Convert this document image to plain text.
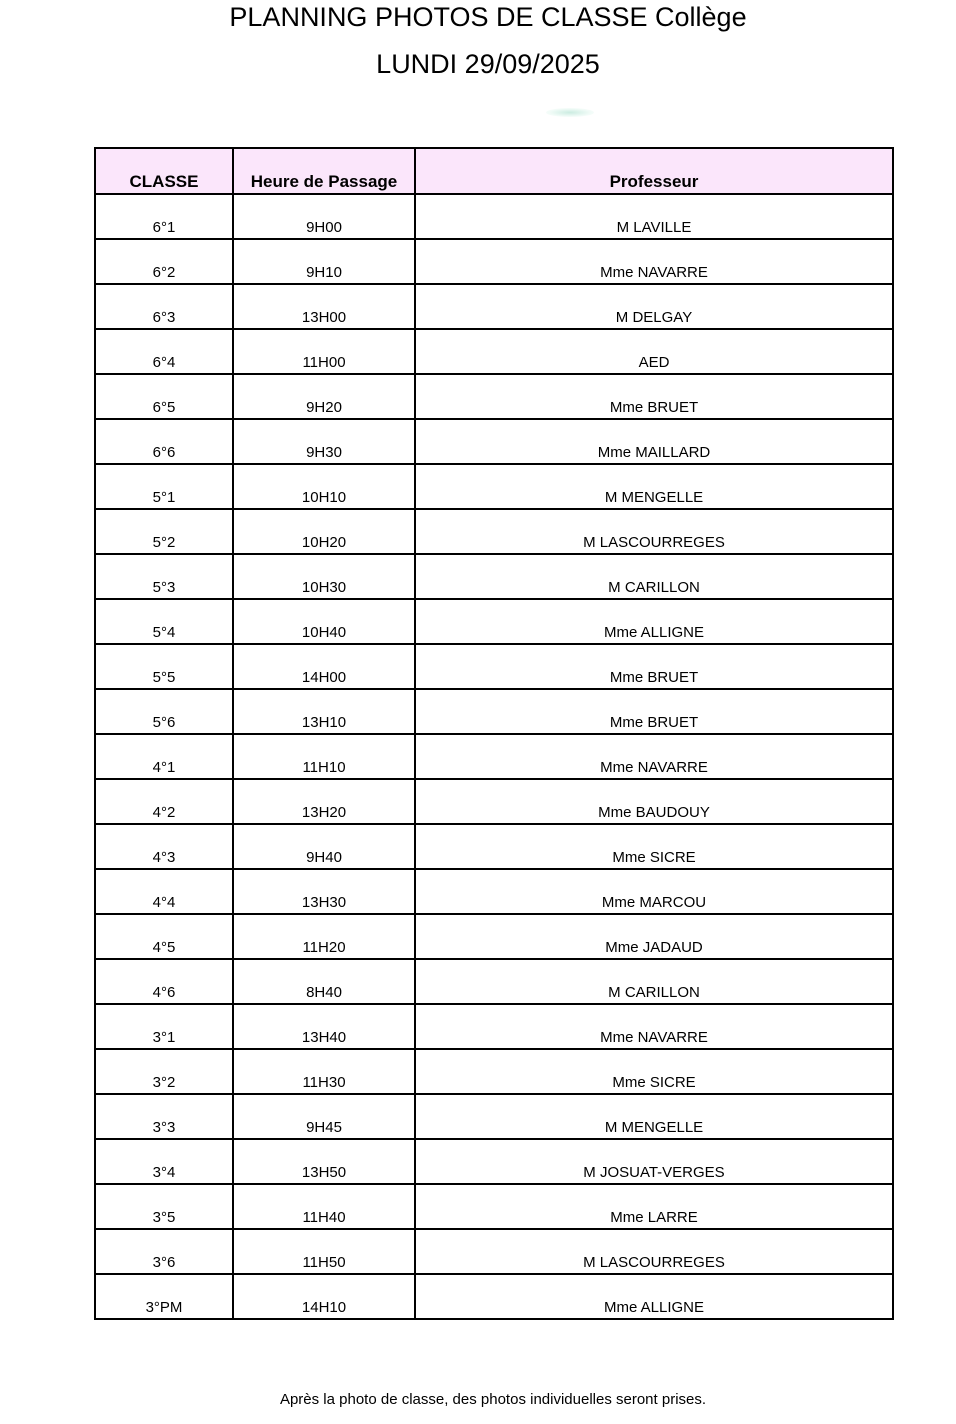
PLANNING PHOTOS DE CLASSE Collège
LUNDI 29/09/2025
CLASSE	Heure de Passage	Professeur
6°1	9H00	M LAVILLE
6°2	9H10	Mme NAVARRE
6°3	13H00	M DELGAY
6°4	11H00	AED
6°5	9H20	Mme BRUET
6°6	9H30	Mme MAILLARD
5°1	10H10	M MENGELLE
5°2	10H20	M LASCOURREGES
5°3	10H30	M CARILLON
5°4	10H40	Mme ALLIGNE
5°5	14H00	Mme BRUET
5°6	13H10	Mme BRUET
4°1	11H10	Mme NAVARRE
4°2	13H20	Mme BAUDOUY
4°3	9H40	Mme SICRE
4°4	13H30	Mme MARCOU
4°5	11H20	Mme JADAUD
4°6	8H40	M CARILLON
3°1	13H40	Mme NAVARRE
3°2	11H30	Mme SICRE
3°3	9H45	M MENGELLE
3°4	13H50	M JOSUAT-VERGES
3°5	11H40	Mme LARRE
3°6	11H50	M LASCOURREGES
3°PM	14H10	Mme ALLIGNE
Après la photo de classe, des photos individuelles seront prises.
